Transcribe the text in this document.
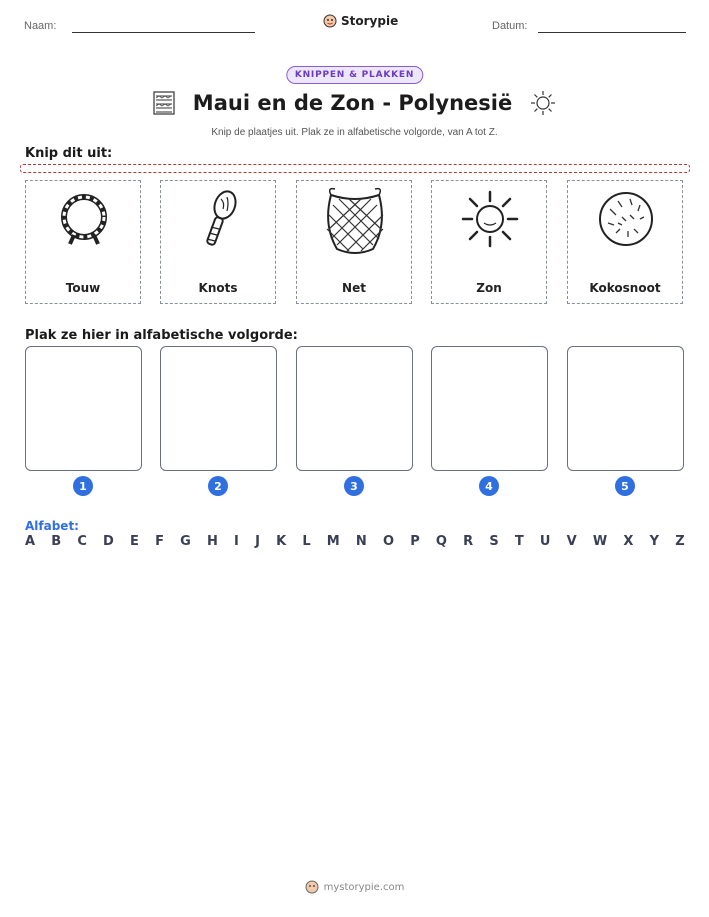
Naam:	Storypie	Datum:
KNIPPEN & PLAKKEN
Maui en de Zon - Polynesië
Knip de plaatjes uit. Plak ze in alfabetische volgorde, van A tot Z.
Knip dit uit:
Touw	Knots	Net	Zon	Kokosnoot
Plak ze hier in alfabetische volgorde:
1	2	3	4	5
Alfabet:
A B C D E F G H I J K L M N O P Q R S T U V W X Y Z
mystorypie.com
